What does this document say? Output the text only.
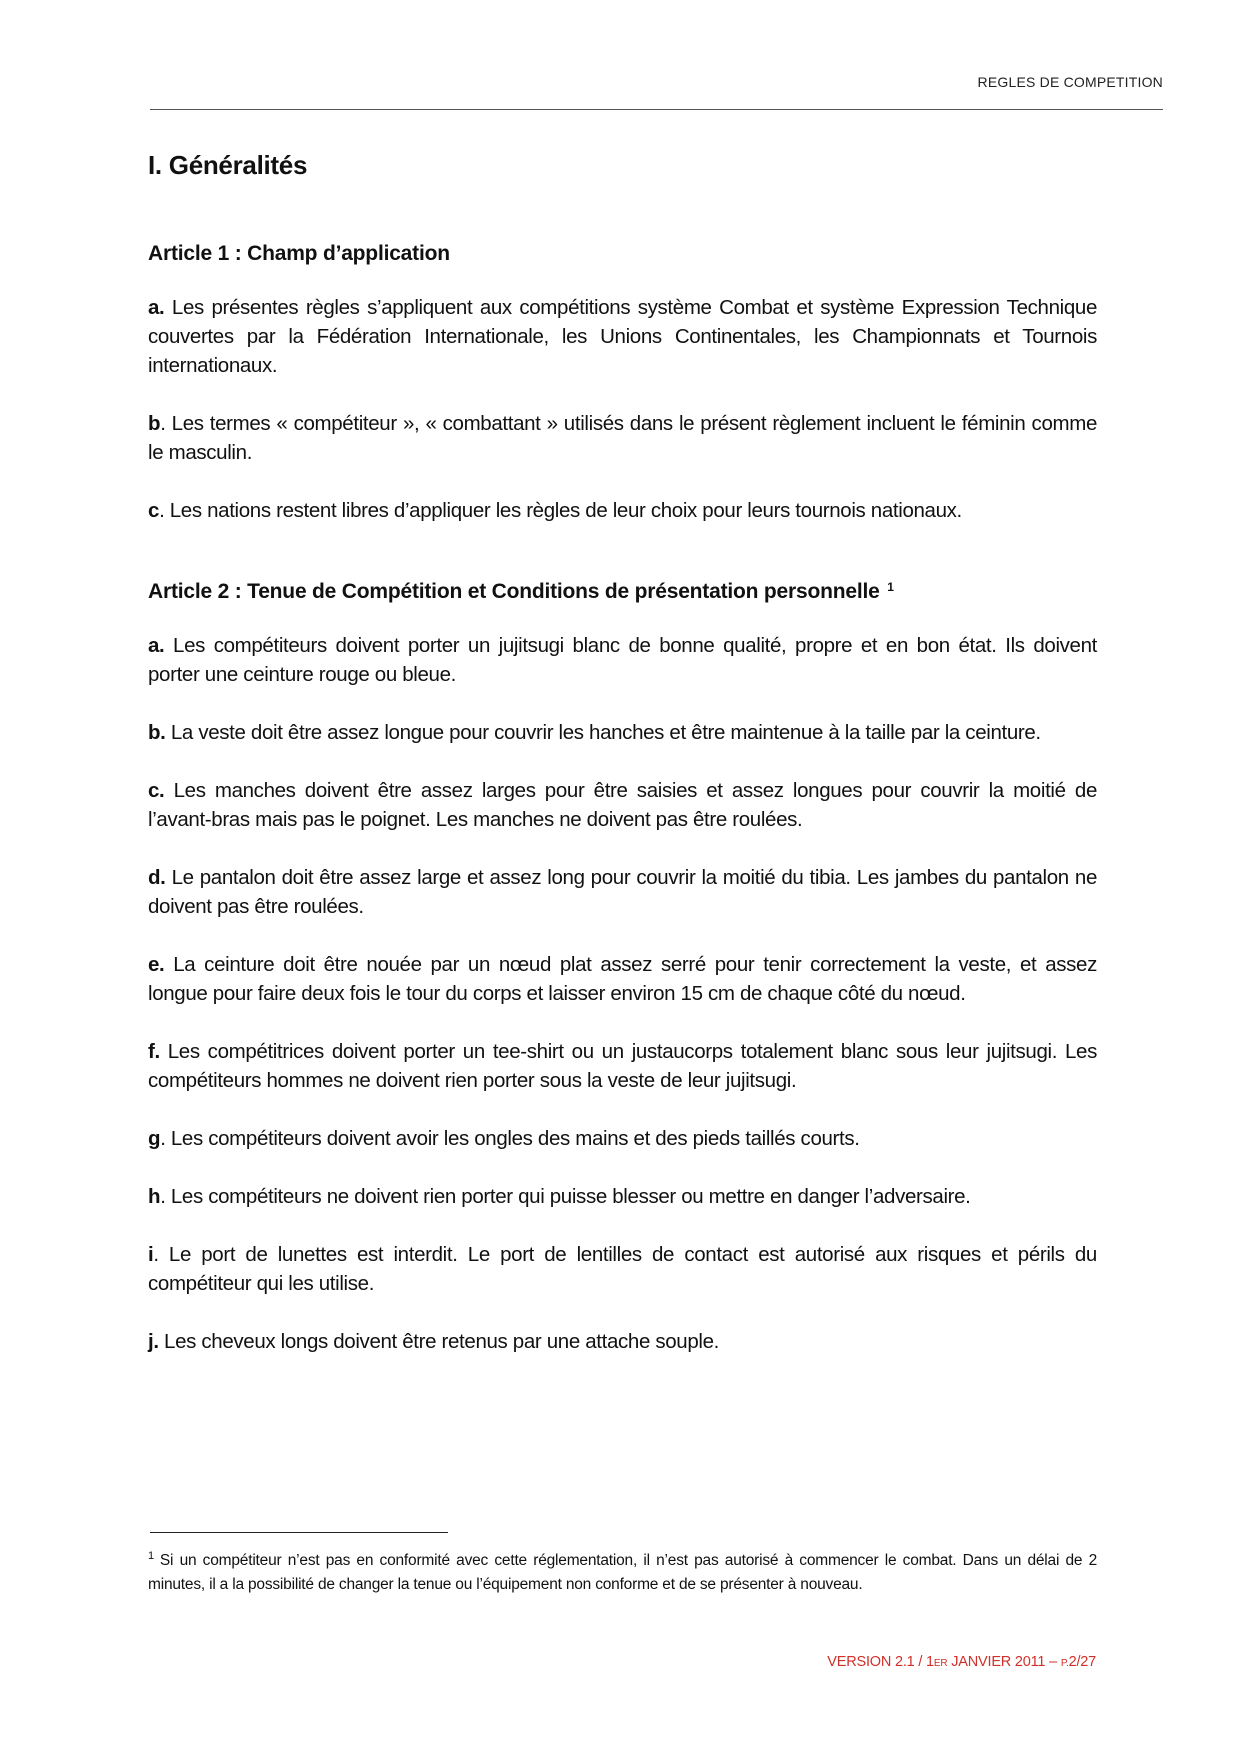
REGLES DE COMPETITION
I. Généralités
Article 1 : Champ d’application

a. Les présentes règles s’appliquent aux compétitions système Combat et système Expression Technique couvertes par la Fédération Internationale, les Unions Continentales, les Championnats et Tournois internationaux.

b. Les termes « compétiteur », « combattant » utilisés dans le présent règlement incluent le féminin comme le masculin.

c. Les nations restent libres d’appliquer les règles de leur choix pour leurs tournois nationaux.

Article 2 : Tenue de Compétition et Conditions de présentation personnelle $^1$

a. Les compétiteurs doivent porter un jujitsugi blanc de bonne qualité, propre et en bon état. Ils doivent porter une ceinture rouge ou bleue.

b. La veste doit être assez longue pour couvrir les hanches et être maintenue à la taille par la ceinture.

c. Les manches doivent être assez larges pour être saisies et assez longues pour couvrir la moitié de l’avant-bras mais pas le poignet. Les manches ne doivent pas être roulées.

d. Le pantalon doit être assez large et assez long pour couvrir la moitié du tibia. Les jambes du pantalon ne doivent pas être roulées.

e. La ceinture doit être nouée par un nœud plat assez serré pour tenir correctement la veste, et assez longue pour faire deux fois le tour du corps et laisser environ 15 cm de chaque côté du nœud.

f. Les compétitrices doivent porter un tee-shirt ou un justaucorps totalement blanc sous leur jujitsugi. Les compétiteurs hommes ne doivent rien porter sous la veste de leur jujitsugi.

g. Les compétiteurs doivent avoir les ongles des mains et des pieds taillés courts.

h. Les compétiteurs ne doivent rien porter qui puisse blesser ou mettre en danger l’adversaire.

i. Le port de lunettes est interdit. Le port de lentilles de contact est autorisé aux risques et périls du compétiteur qui les utilise.

j. Les cheveux longs doivent être retenus par une attache souple.

$^1$ Si un compétiteur n’est pas en conformité avec cette réglementation, il n’est pas autorisé à commencer le combat. Dans un délai de 2 minutes, il a la possibilité de changer la tenue ou l’équipement non conforme et de se présenter à nouveau.
VERSION 2.1 / 1ER JANVIER 2011 – P.2/27
